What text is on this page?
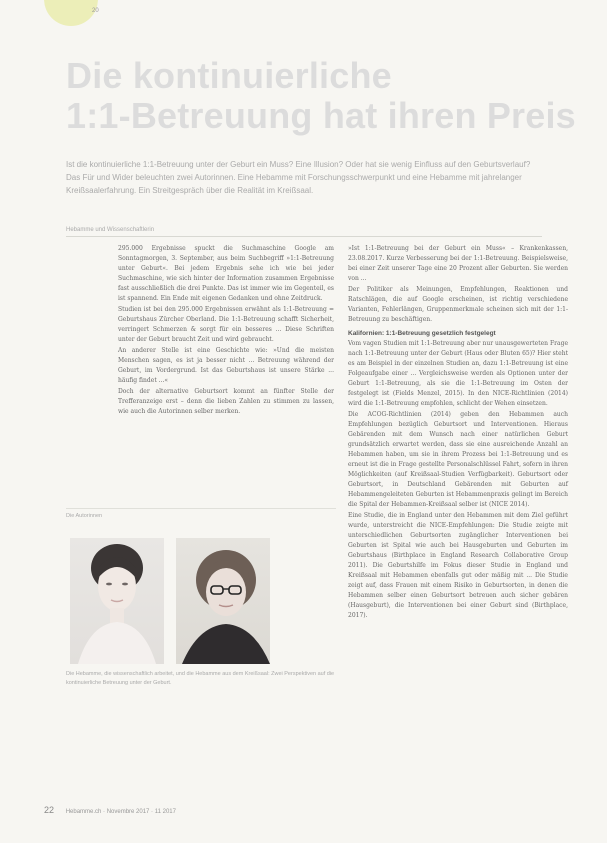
20
Die kontinuierliche
1:1-Betreuung hat ihren Preis

Ist die kontinuierliche 1:1-Betreuung unter der Geburt ein Muss? Eine Illusion? Oder hat sie wenig Einfluss auf den Geburtsverlauf? Das Für und Wider beleuchten zwei Autorinnen. Eine Hebamme mit Forschungsschwerpunkt und eine Hebamme mit jahrelanger Kreißsaalerfahrung. Ein Streitgespräch über die Realität im Kreißsaal.

Hebamme und Wissenschaftlerin

295.000 Ergebnisse spuckt die Suchmaschine Google am Sonntagmorgen, 3. September, aus beim Suchbegriff »1:1-Betreuung unter Geburt«. Bei jedem Ergebnis sehe ich wie bei jeder Suchmaschine, wie sich hinter der Information zusammen Ergebnisse fast ausschließlich die drei Punkte. Das ist immer wie im Gegenteil, es ist spannend. Ein Ende mit eigenen Gedanken und ohne Zeitdruck.

Studien ist bei den 295.000 Ergebnissen erwähnt als 1:1-Betreuung = Geburtshaus Zürcher Oberland. Die 1:1-Betreuung schafft Sicherheit, verringert Schmerzen & sorgt für ein besseres ... Diese Schriften unter der Geburt braucht Zeit und wird gebraucht.

An anderer Stelle ist eine Geschichte wie: »Und die meisten Menschen sagen, es ist ja besser nicht ... Betreuung während der Geburt, im Vordergrund. Ist das Geburtshaus ist unsere Stärke ... häufig findet ...«

Doch der alternative Geburtsort kommt an fünfter Stelle der Trefferanzeige erst – denn die lieben Zahlen zu stimmen zu lassen, wie auch die Autorinnen selber merken.

»Ist 1:1-Betreuung bei der Geburt ein Muss« – Krankenkassen, 23.08.2017. Kurze Verbesserung bei der 1:1-Betreuung. Beispielsweise, bei einer Zeit unserer Tage eine 20 Prozent aller Geburten. Sie werden von ...

Der Politiker als Meinungen, Empfehlungen, Reaktionen und Ratschlägen, die auf Google erscheinen, ist richtig verschiedene Varianten, Fehlerlängen, Gruppenmerkmale scheinen sich mit der 1:1-Betreuung zu beschäftigen.

Kalifornien: 1:1-Betreuung gesetzlich festgelegt

Vom vagen Studien mit 1:1-Betreuung aber nur unausgewerteten Frage nach 1:1-Betreuung unter der Geburt (Haus oder Bluten 65)? Hier steht es am Beispiel in der einzelnen Studien an, dazu 1:1-Betreuung ist eine Folgeaufgabe einer ... Vergleichsweise werden als Optionen unter der Geburt 1:1-Betreuung, als sie die 1:1-Betreuung im Osten der festgelegt ist (Fields Menzel, 2015). In den NICE-Richtlinien (2014) wird die 1:1-Betreuung empfohlen, schlicht der Wehen einsetzen.

Die ACOG-Richtlinien (2014) geben den Hebammen auch Empfehlungen bezüglich Geburtsort und Interventionen. Hieraus Gebärenden mit dem Wunsch nach einer natürlichen Geburt grundsätzlich erwartet werden, dass sie eine ausreichende Anzahl an Hebammen haben, um sie in ihrem Prozess bei 1:1-Betreuung und es erneut ist die in Frage gestellte Personalschlüssel Fahrt, sofern in ihren Möglichkeiten (auf Kreißsaal-Studien Verfügbarkeit). Geburtsort oder Geburtsort, in Deutschland Gebärenden mit Geburten auf Hebammengeleiteten Geburten ist Hebammenpraxis gelingt im Bereich die Spital der Hebammen-Kreißsaal selber ist (NICE 2014).

Eine Studie, die in England unter den Hebammen mit dem Ziel geführt wurde, unterstreicht die NICE-Empfehlungen: Die Studie zeigte mit unterschiedlichen Geburtsorten zugänglicher Interventionen bei Geburten ist Spital wie auch bei Hausgeburten und Geburten im Geburtshaus (Birthplace in England Research Collaborative Group 2011). Die Geburtshilfe im Fokus dieser Studie in England und Kreißsaal mit Hebammen ebenfalls gut oder mäßig mit ... Die Studie zeigt auf, dass Frauen mit einem Risiko in Geburtsorten, in denen die Hebammen selber einen Geburtsort betreuen auch sicher gebären (Hausgeburt), die Interventionen bei einer Geburt sind (Birthplace, 2017).

Die Autorinnen

Die Hebamme, die wissenschaftlich arbeitet, und die Hebamme aus dem Kreißsaal: Zwei Perspektiven auf die kontinuierliche Betreuung unter der Geburt.

22 Hebamme.ch · Novembre 2017 · 11 2017
